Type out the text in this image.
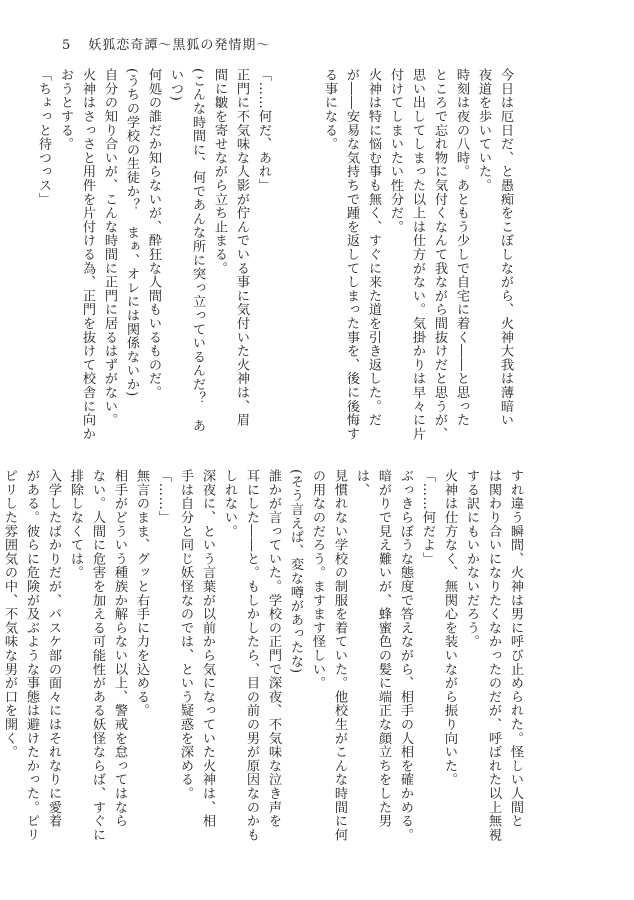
5 妖狐恋奇譚〜黒狐の発情期〜

今日は厄日だ、と愚痴をこぼしながら、火神大我は薄暗い

夜道を歩いていた。

時刻は夜の八時。あともう少しで自宅に着く――と思った

ところで忘れ物に気付くなんて我ながら間抜けだと思うが、

思い出してしまった以上は仕方がない。気掛かりは早々に片

付けてしまいたい性分だ。

火神は特に悩む事も無く、すぐに来た道を引き返した。だ

が――安易な気持ちで踵を返してしまった事を、後に後悔す

る事になる。

「……何だ、あれ」

正門に不気味な人影が佇んでいる事に気付いた火神は、眉

間に皺を寄せながら立ち止まる。

(こんな時間に、何であんな所に突っ立っているんだ？　あ

いつ)

何処の誰だか知らないが、酔狂な人間もいるものだ。

(うちの学校の生徒か？　まぁ、オレには関係ないか)

自分の知り合いが、こんな時間に正門に居るはずがない。

火神はさっさと用件を片付ける為、正門を抜けて校舎に向か

おうとする。

「ちょっと待つっス」

すれ違う瞬間、火神は男に呼び止められた。怪しい人間と

は関わり合いになりたくなかったのだが、呼ばれた以上無視

する訳にもいかないだろう。

火神は仕方なく、無関心を装いながら振り向いた。

「……何だよ」

ぶっきらぼうな態度で答えながら、相手の人相を確かめる。

暗がりで見え難いが、蜂蜜色の髪に端正な顔立ちをした男は、

見慣れない学校の制服を着ていた。他校生がこんな時間に何

の用なのだろう。ますます怪しい。

(そう言えば、変な噂があったな)

誰かが言っていた。学校の正門で深夜、不気味な泣き声を

耳にした――と。もしかしたら、目の前の男が原因なのかも

しれない。

深夜に、という言葉が以前から気になっていた火神は、相

手は自分と同じ妖怪なのでは、という疑惑を深める。

「……」

無言のまま、グッと右手に力を込める。

相手がどういう種族か解らない以上、警戒を怠ってはなら

ない。人間に危害を加える可能性がある妖怪ならば、すぐに

排除しなくては。

入学したばかりだが、バスケ部の面々にはそれなりに愛着

がある。彼らに危険が及ぶような事態は避けたかった。ピリ

ピリした雰囲気の中、不気味な男が口を開く。
